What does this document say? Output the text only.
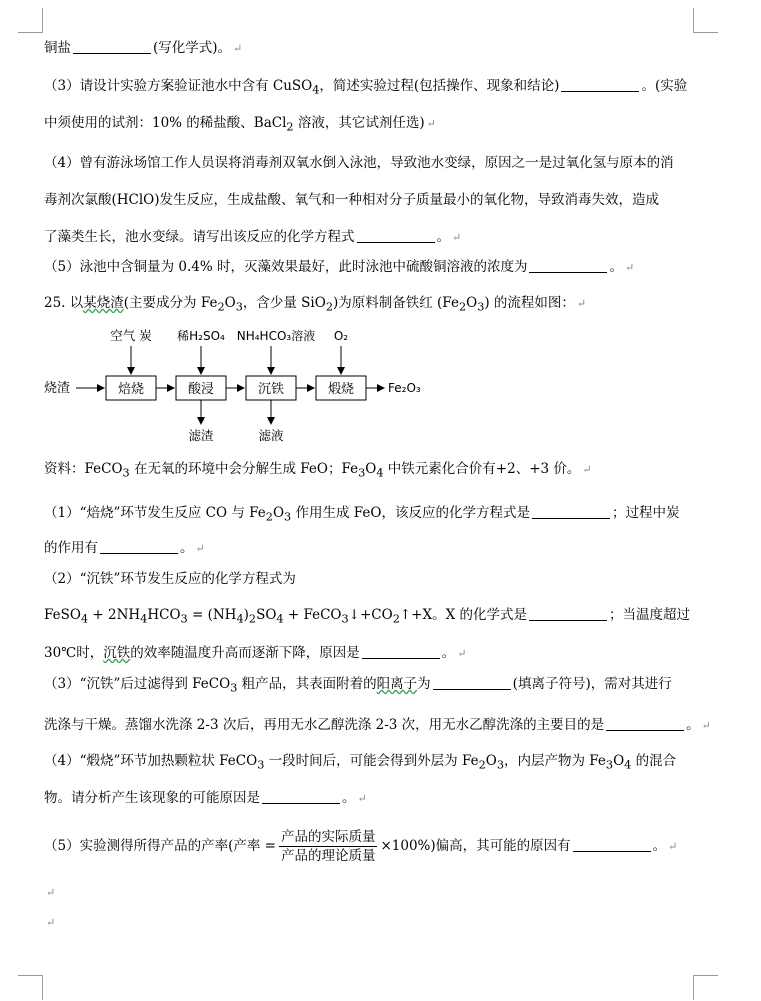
铜盐	(写化学式)。 ↵
（3）请设计实验方案验证池水中含有 CuSO$_4$，简述实验过程(包括操作、现象和结论)	。(实验
中须使用的试剂：10% 的稀盐酸、BaCl$_2$ 溶液，其它试剂任选) ↵
（4）曾有游泳场馆工作人员误将消毒剂双氧水倒入泳池，导致池水变绿，原因之一是过氧化氢与原本的消
毒剂次氯酸(HClO)发生反应，生成盐酸、氧气和一种相对分子质量最小的氧化物，导致消毒失效，造成
了藻类生长，池水变绿。请写出该反应的化学方程式	。 ↵
（5）泳池中含铜量为 0.4% 时，灭藻效果最好，此时泳池中硫酸铜溶液的浓度为	。 ↵
25. 以某烧渣(主要成分为 $Fe_2O_3$，含少量 SiO$_2$)为原料制备铁红 $(Fe_2O_3)$ 的流程如图： ↵
烧渣	焙烧	酸浸	沉铁	煅烧	Fe₂O₃
空气 炭 稀H₂SO₄ NH₄HCO₃溶液 O₂
滤渣	滤液
资料：FeCO$_3$ 在无氧的环境中会分解生成 FeO；$Fe_3O_4$ 中铁元素化合价有+2、+3 价。 ↵
（1）“焙烧”环节发生反应 CO 与 $Fe_2O_3$ 作用生成 FeO，该反应的化学方程式是	；过程中炭
的作用有	。 ↵
（2）“沉铁”环节发生反应的化学方程式为
FeSO$_4$ + $2NH_4HCO_3 = (NH_4)_2SO_4$ + $FeCO_3↓+CO_2↑+X$。X 的化学式是	；当温度超过
30℃时，沉铁的效率随温度升高而逐渐下降，原因是	。 ↵
（3）“沉铁”后过滤得到 FeCO$_3$ 粗产品，其表面附着的阳离子为	(填离子符号)，需对其进行
洗涤与干燥。蒸馏水洗涤 2-3 次后，再用无水乙醇洗涤 2-3 次，用无水乙醇洗涤的主要目的是	。 ↵
（4）“煅烧”环节加热颗粒状 FeCO$_3$ 一段时间后，可能会得到外层为 $Fe_2O_3$，内层产物为 $Fe_3O_4$ 的混合
物。请分析产生该现象的可能原因是	。 ↵
（5）实验测得所得产品的产率(产率 = $\frac{\text{产品的实际质量}}{\text{产品的理论质量}} \times 100\%$)偏高，其可能的原因有	。 ↵
↵
↵
